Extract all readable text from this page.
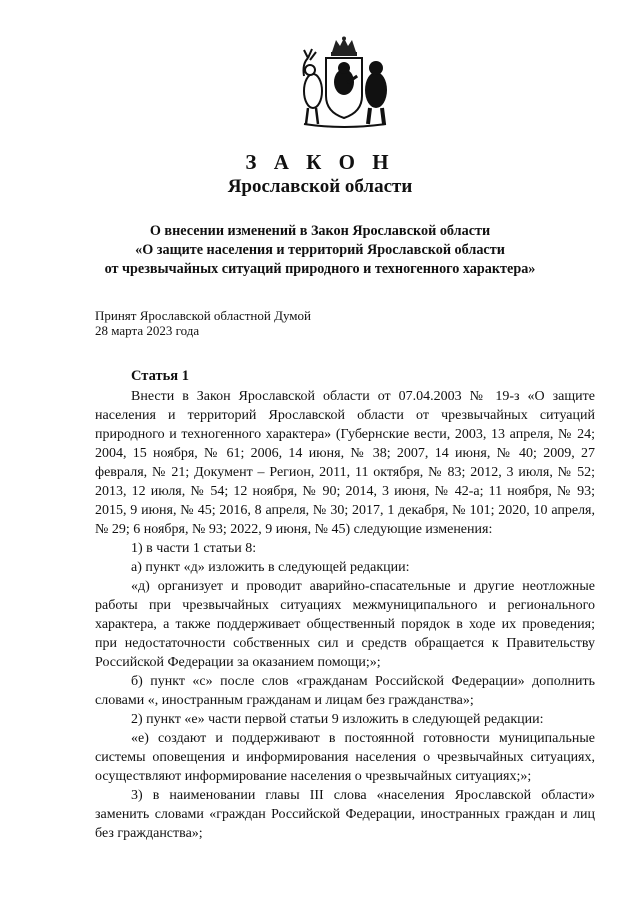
З А К О Н
Ярославской области
О внесении изменений в Закон Ярославской области
«О защите населения и территорий Ярославской области
от чрезвычайных ситуаций природного и техногенного характера»
Принят Ярославской областной Думой
28 марта 2023 года
Статья 1

Внести в Закон Ярославской области от 07.04.2003 № 19-з «О защите населения и территорий Ярославской области от чрезвычайных ситуаций природного и техногенного характера» (Губернские вести, 2003, 13 апреля, № 24; 2004, 15 ноября, № 61; 2006, 14 июня, № 38; 2007, 14 июня, № 40; 2009, 27 февраля, № 21; Документ – Регион, 2011, 11 октября, № 83; 2012, 3 июля, № 52; 2013, 12 июля, № 54; 12 ноября, № 90; 2014, 3 июня, № 42-а; 11 ноября, № 93; 2015, 9 июня, № 45; 2016, 8 апреля, № 30; 2017, 1 декабря, № 101; 2020, 10 апреля, № 29; 6 ноября, № 93; 2022, 9 июня, № 45) следующие изменения:

1) в части 1 статьи 8:

а) пункт «д» изложить в следующей редакции:

«д) организует и проводит аварийно-спасательные и другие неотложные работы при чрезвычайных ситуациях межмуниципального и регионального характера, а также поддерживает общественный порядок в ходе их проведения; при недостаточности собственных сил и средств обращается к Правительству Российской Федерации за оказанием помощи;»;

б) пункт «с» после слов «гражданам Российской Федерации» дополнить словами «, иностранным гражданам и лицам без гражданства»;

2) пункт «е» части первой статьи 9 изложить в следующей редакции:

«е) создают и поддерживают в постоянной готовности муниципальные системы оповещения и информирования населения о чрезвычайных ситуациях, осуществляют информирование населения о чрезвычайных ситуациях;»;

3) в наименовании главы III слова «населения Ярославской области» заменить словами «граждан Российской Федерации, иностранных граждан и лиц без гражданства»;
